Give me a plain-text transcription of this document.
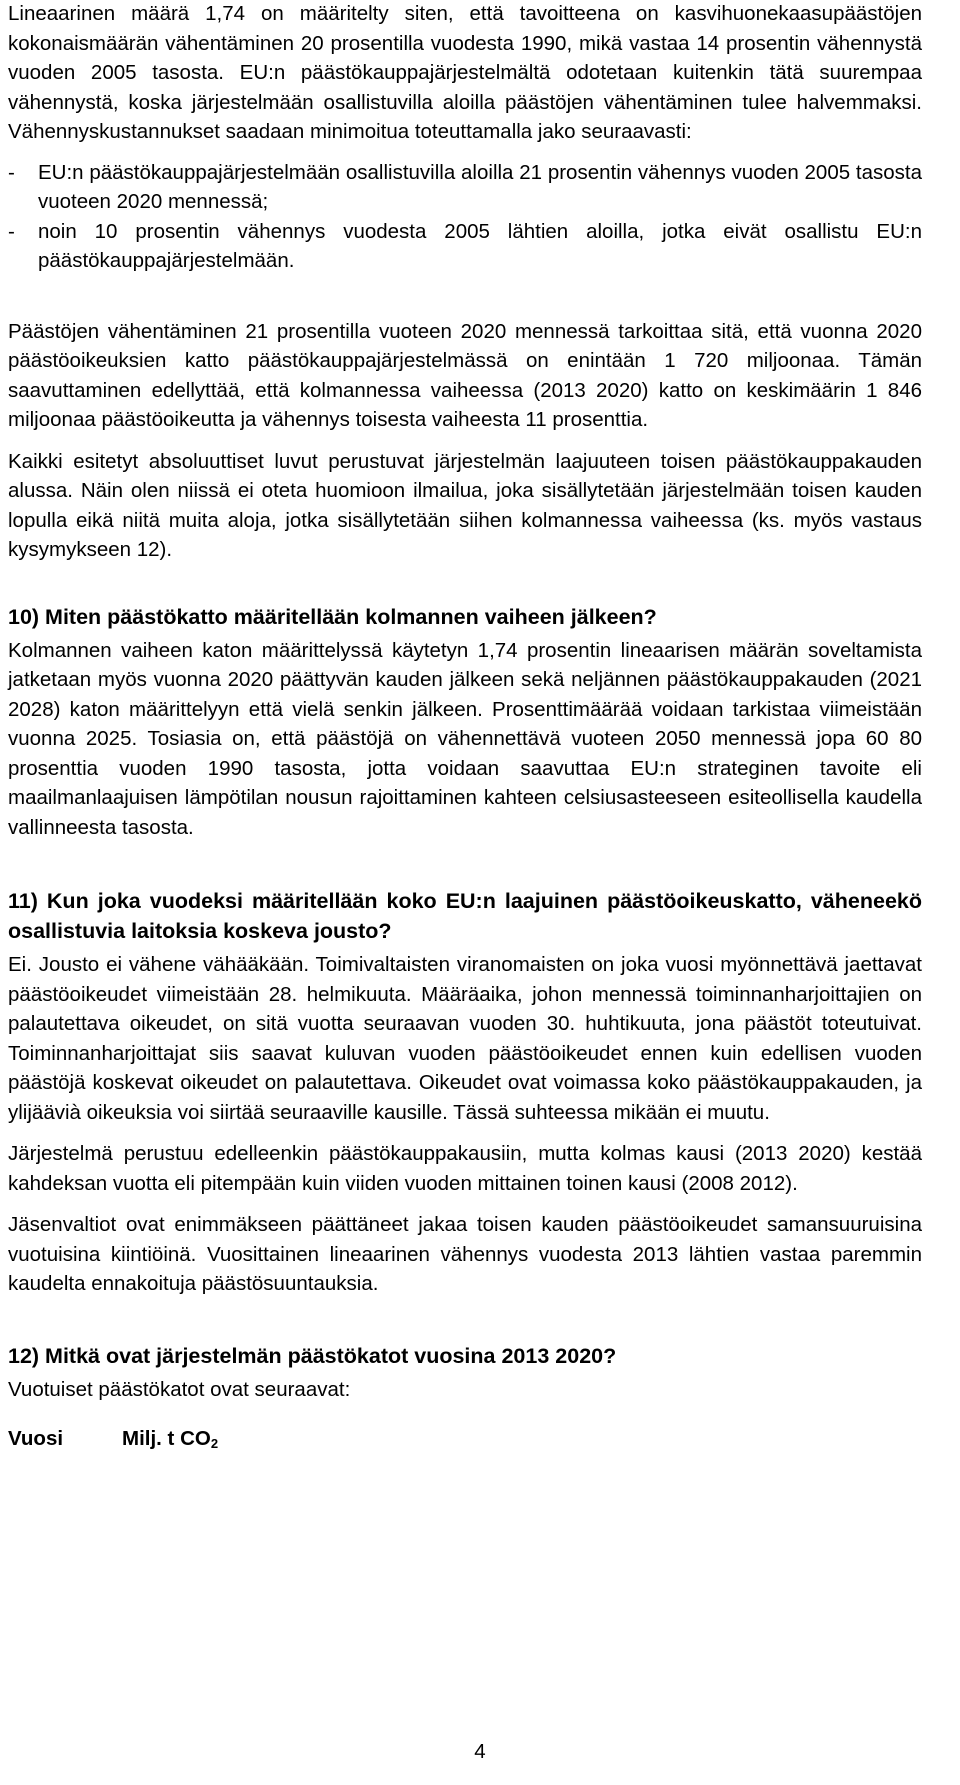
Lineaarinen määrä 1,74 on määritelty siten, että tavoitteena on kasvihuonekaasupäästöjen kokonaismäärän vähentäminen 20 prosentilla vuodesta 1990, mikä vastaa 14 prosentin vähennystä vuoden 2005 tasosta. EU:n päästökauppajärjestelmältä odotetaan kuitenkin tätä suurempaa vähennystä, koska järjestelmään osallistuvilla aloilla päästöjen vähentäminen tulee halvemmaksi. Vähennyskustannukset saadaan minimoitua toteuttamalla jako seuraavasti:

- EU:n päästökauppajärjestelmään osallistuvilla aloilla 21 prosentin vähennys vuoden 2005 tasosta vuoteen 2020 mennessä;
- noin 10 prosentin vähennys vuodesta 2005 lähtien aloilla, jotka eivät osallistu EU:n päästökauppajärjestelmään.

Päästöjen vähentäminen 21 prosentilla vuoteen 2020 mennessä tarkoittaa sitä, että vuonna 2020 päästöoikeuksien katto päästökauppajärjestelmässä on enintään 1 720 miljoonaa. Tämän saavuttaminen edellyttää, että kolmannessa vaiheessa (2013 2020) katto on keskimäärin 1 846 miljoonaa päästöoikeutta ja vähennys toisesta vaiheesta 11 prosenttia.

Kaikki esitetyt absoluuttiset luvut perustuvat järjestelmän laajuuteen toisen päästökauppakauden alussa. Näin olen niissä ei oteta huomioon ilmailua, joka sisällytetään järjestelmään toisen kauden lopulla eikä niitä muita aloja, jotka sisällytetään siihen kolmannessa vaiheessa (ks. myös vastaus kysymykseen 12).

10) Miten päästökatto määritellään kolmannen vaiheen jälkeen?

Kolmannen vaiheen katon määrittelyssä käytetyn 1,74 prosentin lineaarisen määrän soveltamista jatketaan myös vuonna 2020 päättyvän kauden jälkeen sekä neljännen päästökauppakauden (2021 2028) katon määrittelyyn että vielä senkin jälkeen. Prosenttimäärää voidaan tarkistaa viimeistään vuonna 2025. Tosiasia on, että päästöjä on vähennettävä vuoteen 2050 mennessä jopa 60 80 prosenttia vuoden 1990 tasosta, jotta voidaan saavuttaa EU:n strateginen tavoite eli maailmanlaajuisen lämpötilan nousun rajoittaminen kahteen celsiusasteeseen esiteollisella kaudella vallinneesta tasosta.

11) Kun joka vuodeksi määritellään koko EU:n laajuinen päästöoikeuskatto, väheneekö osallistuvia laitoksia koskeva jousto?

Ei. Jousto ei vähene vähääkään. Toimivaltaisten viranomaisten on joka vuosi myönnettävä jaettavat päästöoikeudet viimeistään 28. helmikuuta. Määräaika, johon mennessä toiminnanharjoittajien on palautettava oikeudet, on sitä vuotta seuraavan vuoden 30. huhtikuuta, jona päästöt toteutuivat. Toiminnanharjoittajat siis saavat kuluvan vuoden päästöoikeudet ennen kuin edellisen vuoden päästöjä koskevat oikeudet on palautettava. Oikeudet ovat voimassa koko päästökauppakauden, ja ylijäävià oikeuksia voi siirtää seuraaville kausille. Tässä suhteessa mikään ei muutu.

Järjestelmä perustuu edelleenkin päästökauppakausiin, mutta kolmas kausi (2013 2020) kestää kahdeksan vuotta eli pitempään kuin viiden vuoden mittainen toinen kausi (2008 2012).

Jäsenvaltiot ovat enimmäkseen päättäneet jakaa toisen kauden päästöoikeudet samansuuruisina vuotuisina kiintiöinä. Vuosittainen lineaarinen vähennys vuodesta 2013 lähtien vastaa paremmin kaudelta ennakoituja päästösuuntauksia.

12) Mitkä ovat järjestelmän päästökatot vuosina 2013 2020?

Vuotuiset päästökatot ovat seuraavat:

Vuosi	Milj. t $CO_2$
4
